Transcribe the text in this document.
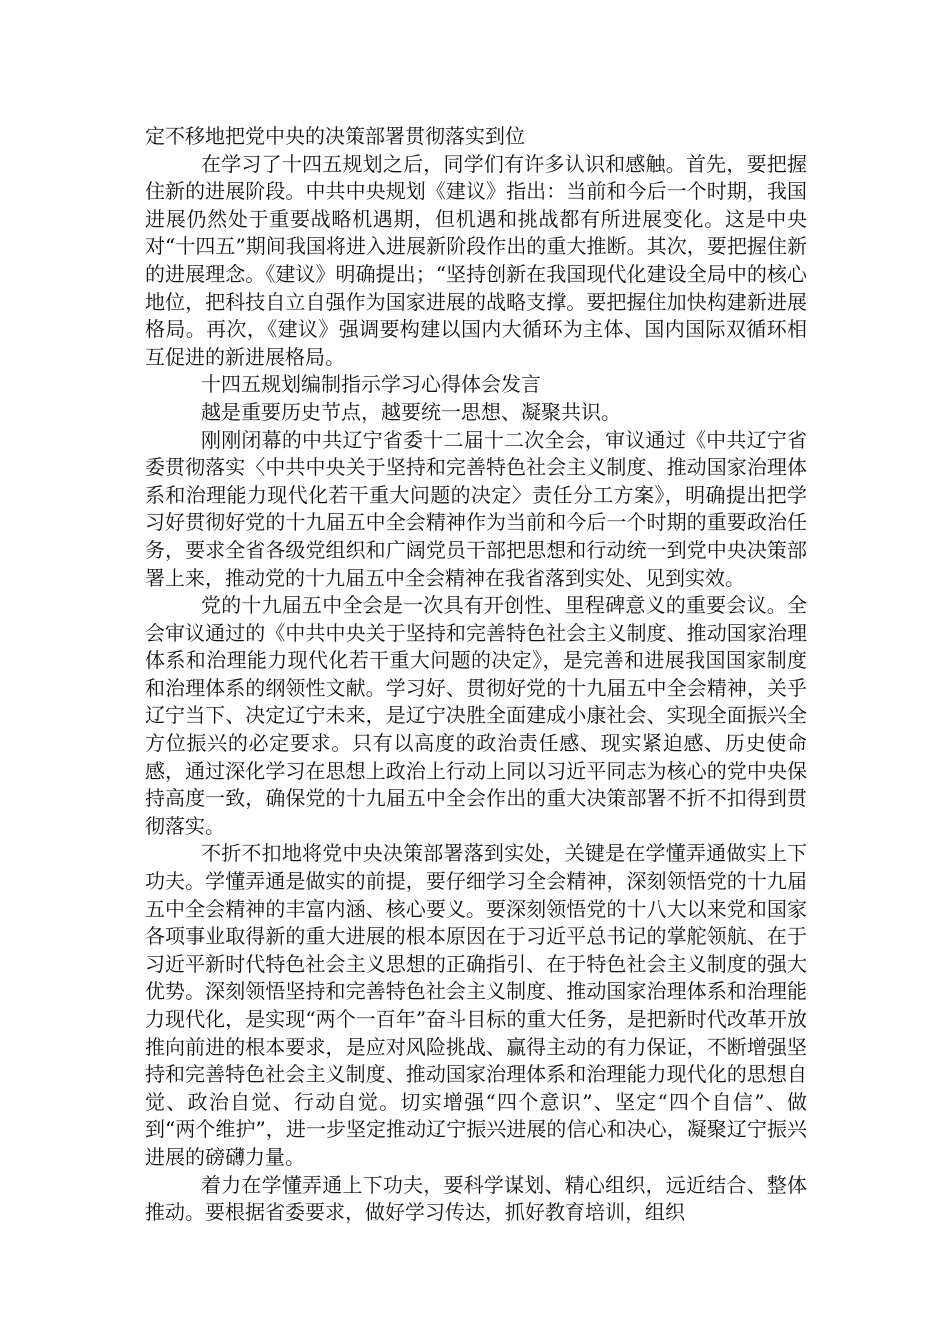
定不移地把党中央的决策部署贯彻落实到位

在学习了十四五规划之后，同学们有许多认识和感触。首先，要把握住新的进展阶段。中共中央规划《建议》指出：当前和今后一个时期，我国进展仍然处于重要战略机遇期，但机遇和挑战都有所进展变化。这是中央对“十四五”期间我国将进入进展新阶段作出的重大推断。其次，要把握住新的进展理念。《建议》明确提出；“坚持创新在我国现代化建设全局中的核心地位，把科技自立自强作为国家进展的战略支撑。要把握住加快构建新进展格局。再次，《建议》强调要构建以国内大循环为主体、国内国际双循环相互促进的新进展格局。

十四五规划编制指示学习心得体会发言

越是重要历史节点，越要统一思想、凝聚共识。

刚刚闭幕的中共辽宁省委十二届十二次全会，审议通过《中共辽宁省委贯彻落实〈中共中央关于坚持和完善特色社会主义制度、推动国家治理体系和治理能力现代化若干重大问题的决定〉责任分工方案》，明确提出把学习好贯彻好党的十九届五中全会精神作为当前和今后一个时期的重要政治任务，要求全省各级党组织和广阔党员干部把思想和行动统一到党中央决策部署上来，推动党的十九届五中全会精神在我省落到实处、见到实效。

党的十九届五中全会是一次具有开创性、里程碑意义的重要会议。全会审议通过的《中共中央关于坚持和完善特色社会主义制度、推动国家治理体系和治理能力现代化若干重大问题的决定》，是完善和进展我国国家制度和治理体系的纲领性文献。学习好、贯彻好党的十九届五中全会精神，关乎辽宁当下、决定辽宁未来，是辽宁决胜全面建成小康社会、实现全面振兴全方位振兴的必定要求。只有以高度的政治责任感、现实紧迫感、历史使命感，通过深化学习在思想上政治上行动上同以习近平同志为核心的党中央保持高度一致，确保党的十九届五中全会作出的重大决策部署不折不扣得到贯彻落实。

不折不扣地将党中央决策部署落到实处，关键是在学懂弄通做实上下功夫。学懂弄通是做实的前提，要仔细学习全会精神，深刻领悟党的十九届五中全会精神的丰富内涵、核心要义。要深刻领悟党的十八大以来党和国家各项事业取得新的重大进展的根本原因在于习近平总书记的掌舵领航、在于习近平新时代特色社会主义思想的正确指引、在于特色社会主义制度的强大优势。深刻领悟坚持和完善特色社会主义制度、推动国家治理体系和治理能力现代化，是实现“两个一百年”奋斗目标的重大任务，是把新时代改革开放推向前进的根本要求，是应对风险挑战、赢得主动的有力保证，不断增强坚持和完善特色社会主义制度、推动国家治理体系和治理能力现代化的思想自觉、政治自觉、行动自觉。切实增强“四个意识”、坚定“四个自信”、做到“两个维护”，进一步坚定推动辽宁振兴进展的信心和决心，凝聚辽宁振兴进展的磅礴力量。

着力在学懂弄通上下功夫，要科学谋划、精心组织，远近结合、整体推动。要根据省委要求，做好学习传达，抓好教育培训，组织
